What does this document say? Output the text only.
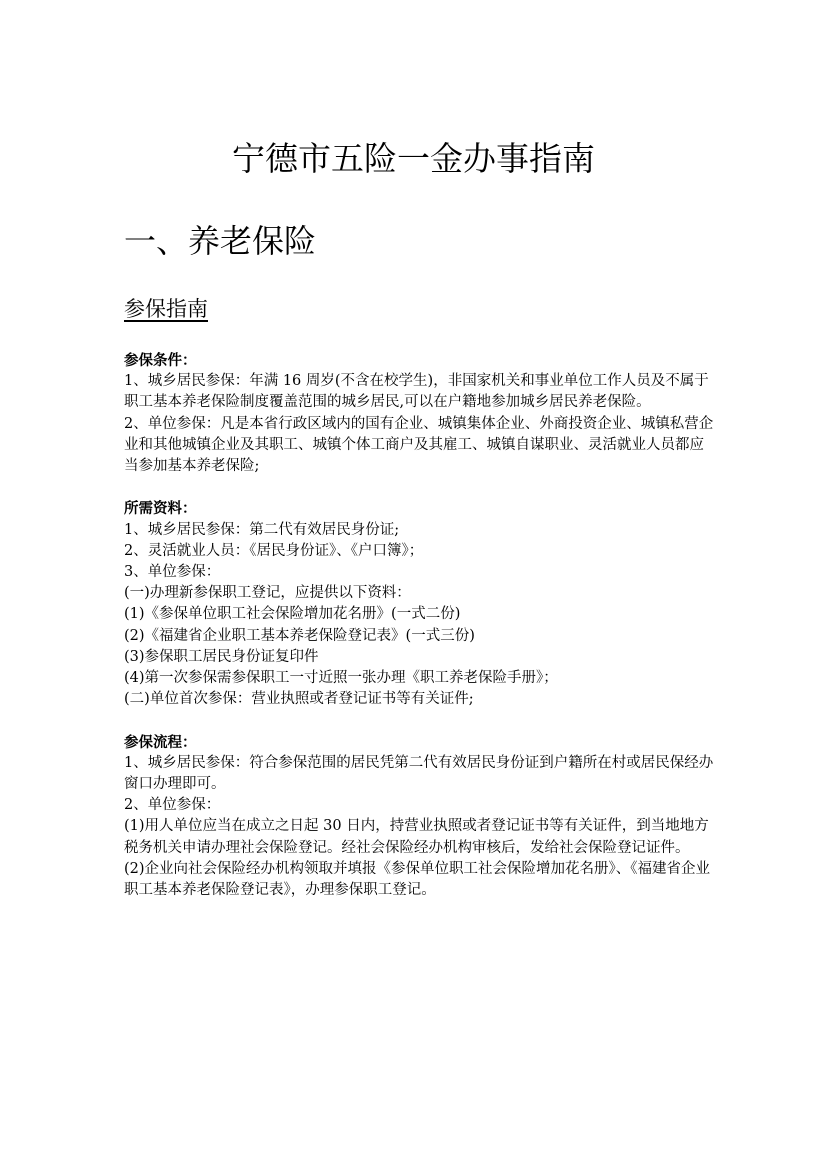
宁德市五险一金办事指南
一、养老保险
参保指南

参保条件：

1、城乡居民参保：年满 16 周岁(不含在校学生)，非国家机关和事业单位工作人员及不属于职工基本养老保险制度覆盖范围的城乡居民,可以在户籍地参加城乡居民养老保险。

2、单位参保：凡是本省行政区域内的国有企业、城镇集体企业、外商投资企业、城镇私营企业和其他城镇企业及其职工、城镇个体工商户及其雇工、城镇自谋职业、灵活就业人员都应当参加基本养老保险;

所需资料：

1、城乡居民参保：第二代有效居民身份证;

2、灵活就业人员：《居民身份证》、《户口簿》；

3、单位参保：

(一)办理新参保职工登记，应提供以下资料：

(1)《参保单位职工社会保险增加花名册》(一式二份)

(2)《福建省企业职工基本养老保险登记表》(一式三份)

(3)参保职工居民身份证复印件

(4)第一次参保需参保职工一寸近照一张办理《职工养老保险手册》；

(二)单位首次参保：营业执照或者登记证书等有关证件;

参保流程：

1、城乡居民参保：符合参保范围的居民凭第二代有效居民身份证到户籍所在村或居民保经办窗口办理即可。

2、单位参保：

(1)用人单位应当在成立之日起 30 日内，持营业执照或者登记证书等有关证件，到当地地方税务机关申请办理社会保险登记。经社会保险经办机构审核后，发给社会保险登记证件。

(2)企业向社会保险经办机构领取并填报《参保单位职工社会保险增加花名册》、《福建省企业职工基本养老保险登记表》，办理参保职工登记。
